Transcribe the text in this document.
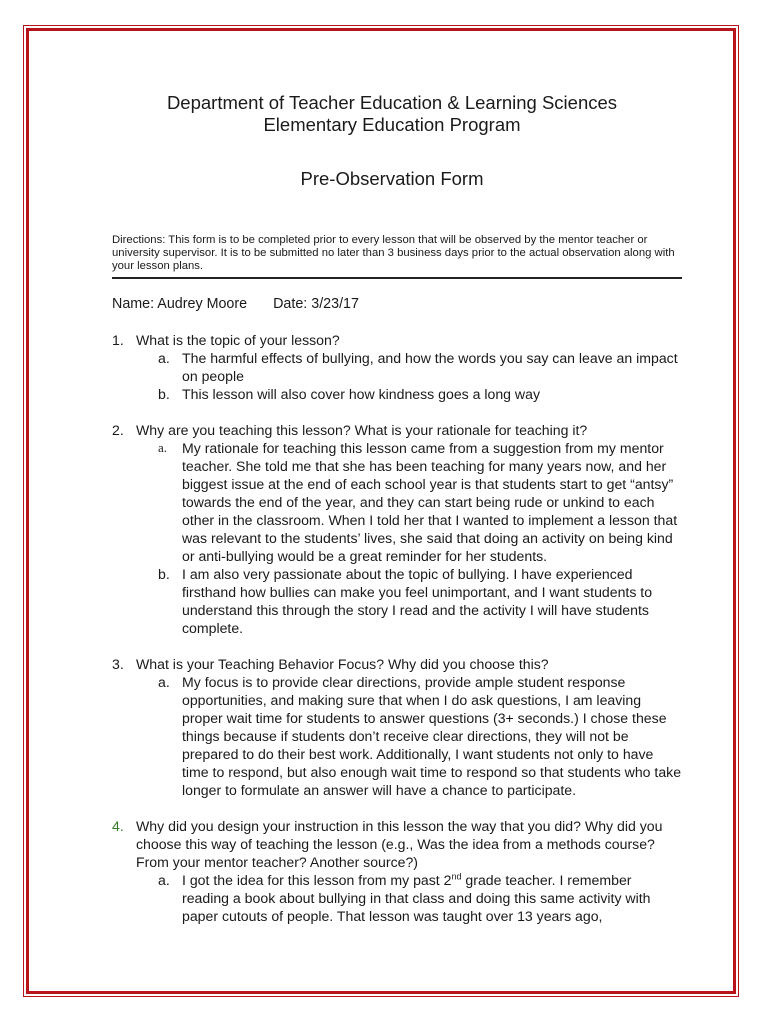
Department of Teacher Education & Learning Sciences
Elementary Education Program
Pre-Observation Form
Directions: This form is to be completed prior to every lesson that will be observed by the mentor teacher or university supervisor. It is to be submitted no later than 3 business days prior to the actual observation along with your lesson plans.
Name: Audrey Moore Date: 3/23/17
1. What is the topic of your lesson?
a. The harmful effects of bullying, and how the words you say can leave an impact on people
b. This lesson will also cover how kindness goes a long way
2. Why are you teaching this lesson? What is your rationale for teaching it?
a.	My rationale for teaching this lesson came from a suggestion from my mentor teacher. She told me that she has been teaching for many years now, and her biggest issue at the end of each school year is that students start to get “antsy” towards the end of the year, and they can start being rude or unkind to each other in the classroom. When I told her that I wanted to implement a lesson that was relevant to the students’ lives, she said that doing an activity on being kind or anti-bullying would be a great reminder for her students.
b. I am also very passionate about the topic of bullying. I have experienced firsthand how bullies can make you feel unimportant, and I want students to understand this through the story I read and the activity I will have students complete.
3. What is your Teaching Behavior Focus? Why did you choose this?
a. My focus is to provide clear directions, provide ample student response opportunities, and making sure that when I do ask questions, I am leaving proper wait time for students to answer questions (3+ seconds.) I chose these things because if students don’t receive clear directions, they will not be prepared to do their best work. Additionally, I want students not only to have time to respond, but also enough wait time to respond so that students who take longer to formulate an answer will have a chance to participate.
4. Why did you design your instruction in this lesson the way that you did? Why did you choose this way of teaching the lesson (e.g., Was the idea from a methods course? From your mentor teacher? Another source?)
a. I got the idea for this lesson from my past 2nd grade teacher. I remember reading a book about bullying in that class and doing this same activity with paper cutouts of people. That lesson was taught over 13 years ago,
